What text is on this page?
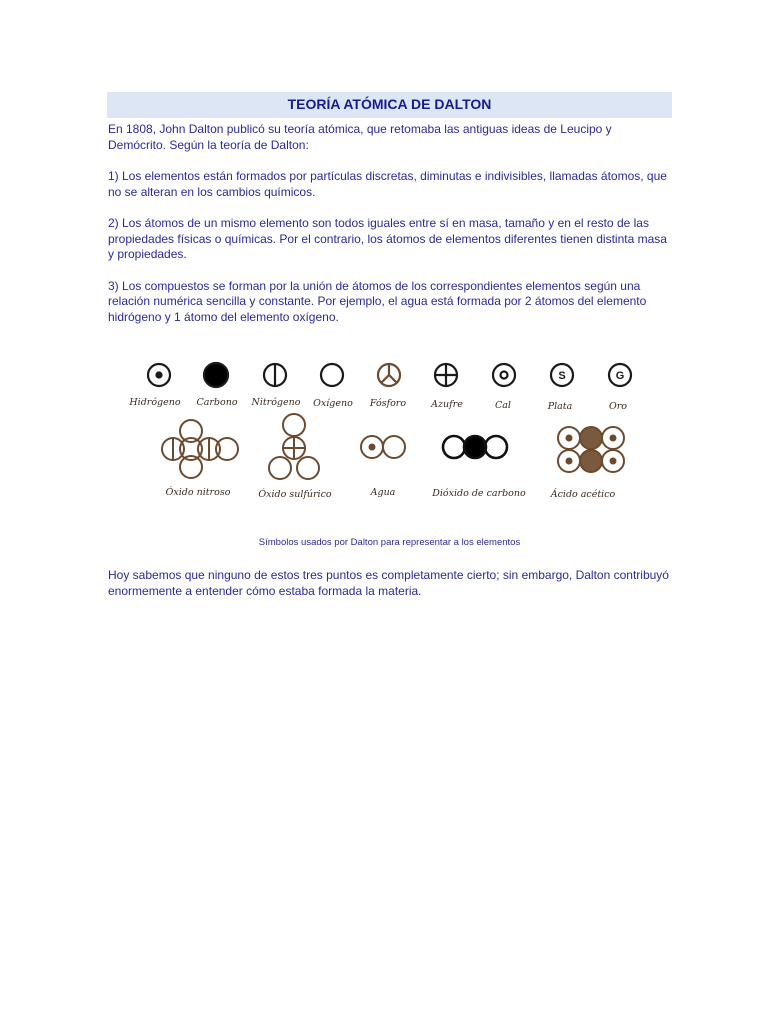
TEORÍA ATÓMICA DE DALTON

En 1808, John Dalton publicó su teoría atómica, que retomaba las antiguas ideas de Leucipo y Demócrito. Según la teoría de Dalton:

1) Los elementos están formados por partículas discretas, diminutas e indivisibles, llamadas átomos, que no se alteran en los cambios químicos.

2) Los átomos de un mismo elemento son todos iguales entre sí en masa, tamaño y en el resto de las propiedades físicas o químicas. Por el contrario, los átomos de elementos diferentes tienen distinta masa y propiedades.

3) Los compuestos se forman por la unión de átomos de los correspondientes elementos según una relación numérica sencilla y constante. Por ejemplo, el agua está formada por 2 átomos del elemento hidrógeno y 1 átomo del elemento oxígeno.

S	G
Hidrógeno Carbono Nitrógeno Oxígeno Fósforo	Azufre	Cal	Plata	Oro
Óxido nitroso	Óxido sulfúrico	Agua	Dióxido de carbono	Ácido acético

Símbolos usados por Dalton para representar a los elementos

Hoy sabemos que ninguno de estos tres puntos es completamente cierto; sin embargo, Dalton contribuyó enormemente a entender cómo estaba formada la materia.
